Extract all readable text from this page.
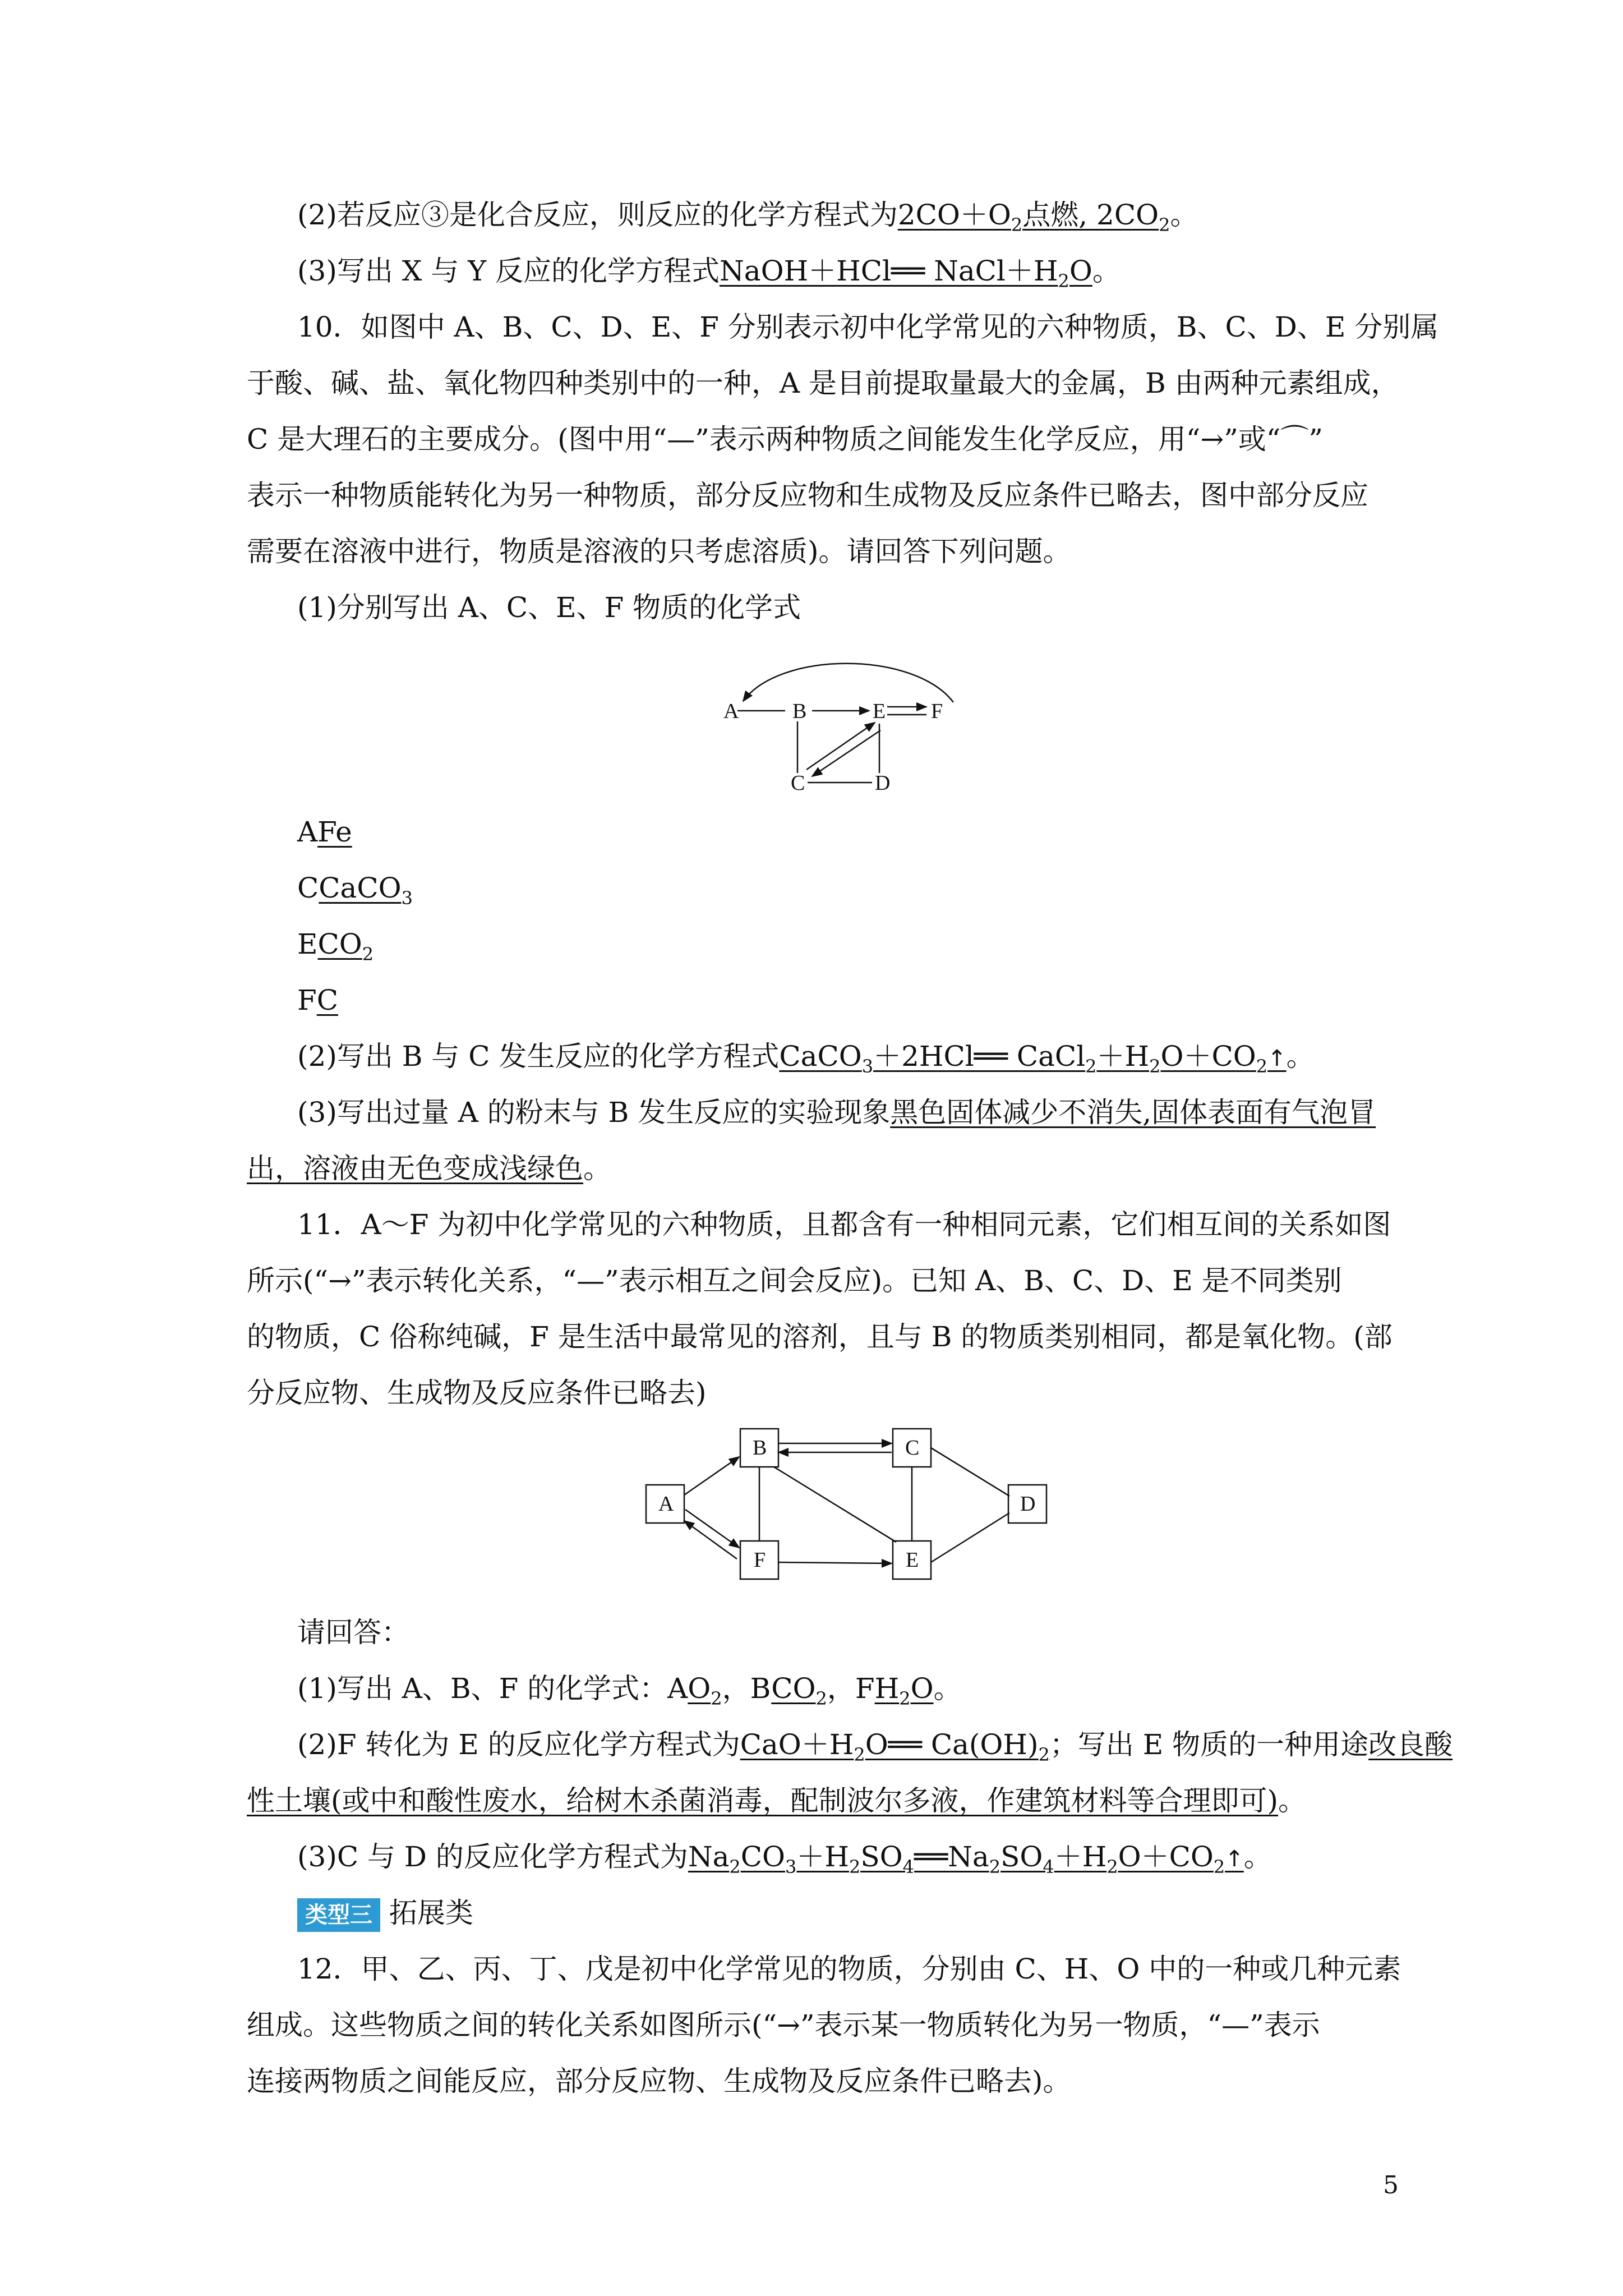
(2)若反应③是化合反应，则反应的化学方程式为$2CO+O_2$点燃, $2CO_2$。
(3)写出 X 与 Y 反应的化学方程式NaOH＋HCl══ $NaCl+H_2O$。
10．如图中 A、B、C、D、E、F 分别表示初中化学常见的六种物质，B、C、D、E 分别属
于酸、碱、盐、氧化物四种类别中的一种，A 是目前提取量最大的金属，B 由两种元素组成，
C 是大理石的主要成分。(图中用“—”表示两种物质之间能发生化学反应，用“→”或“⌒”
表示一种物质能转化为另一种物质，部分反应物和生成物及反应条件已略去，图中部分反应
需要在溶液中进行，物质是溶液的只考虑溶质)。请回答下列问题。
(1)分别写出 A、C、E、F 物质的化学式
A	B	E F
C	D
AFe
CCaCO$_3$
$ECO_2$
FC
(2)写出 B 与 C 发生反应的化学方程式CaCO$_3$＋2HCl══ $CaCl_2+H_2O+CO_2↑$。
(3)写出过量 A 的粉末与 B 发生反应的实验现象黑色固体减少不消失,固体表面有气泡冒
出，溶液由无色变成浅绿色。
11．A～F 为初中化学常见的六种物质，且都含有一种相同元素，它们相互间的关系如图
所示(“→”表示转化关系，“—”表示相互之间会反应)。已知 A、B、C、D、E 是不同类别
的物质，C 俗称纯碱，F 是生活中最常见的溶剂，且与 B 的物质类别相同，都是氧化物。(部
分反应物、生成物及反应条件已略去)
A
B	C
D
E
F
请回答：
(1)写出 A、B、F 的化学式：$AO_2$，$BCO_2$，$FH_2O$。
(2)F 转化为 E 的反应化学方程式为$CaO+H_2O══$ $Ca(OH)_2$；写出 E 物质的一种用途改良酸
性土壤(或中和酸性废水，给树木杀菌消毒，配制波尔多液，作建筑材料等合理即可)。
(3)C 与 D 的反应化学方程式为$Na_2CO_3+H_2SO_4══Na_2SO_4+H_2O+CO_2↑$。
类型三 拓展类
12．甲、乙、丙、丁、戊是初中化学常见的物质，分别由 C、H、O 中的一种或几种元素
组成。这些物质之间的转化关系如图所示(“→”表示某一物质转化为另一物质，“—”表示
连接两物质之间能反应，部分反应物、生成物及反应条件已略去)。
5
